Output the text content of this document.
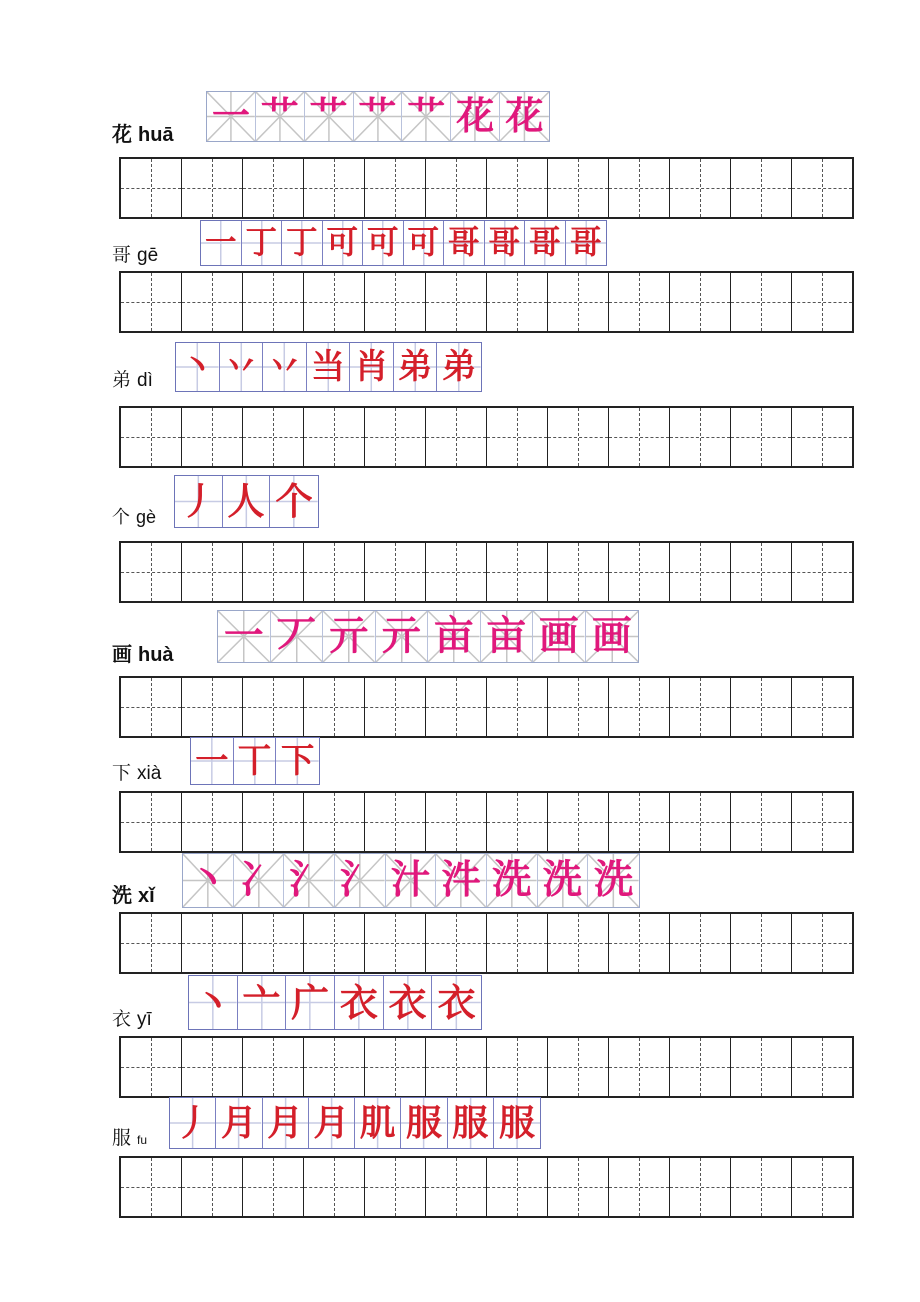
花 huā 一 艹 艹 艹 艹 花 花
哥 gē 一 丁 丁 可 可 可 哥 哥 哥 哥
弟 dì 丶 丷 丷 当 肖 弟 弟
个 gè 丿 人 个
画 huà 一 丆 亓 亓 亩 亩 画 画
下 xià 一 丅 下
洗 xǐ 丶 冫 氵 氵 汁 汼 洗 洗 洗
衣 yī 丶 亠 广 衣 衣 衣
服fu 丿 月 月 月 肌 服 服 服
